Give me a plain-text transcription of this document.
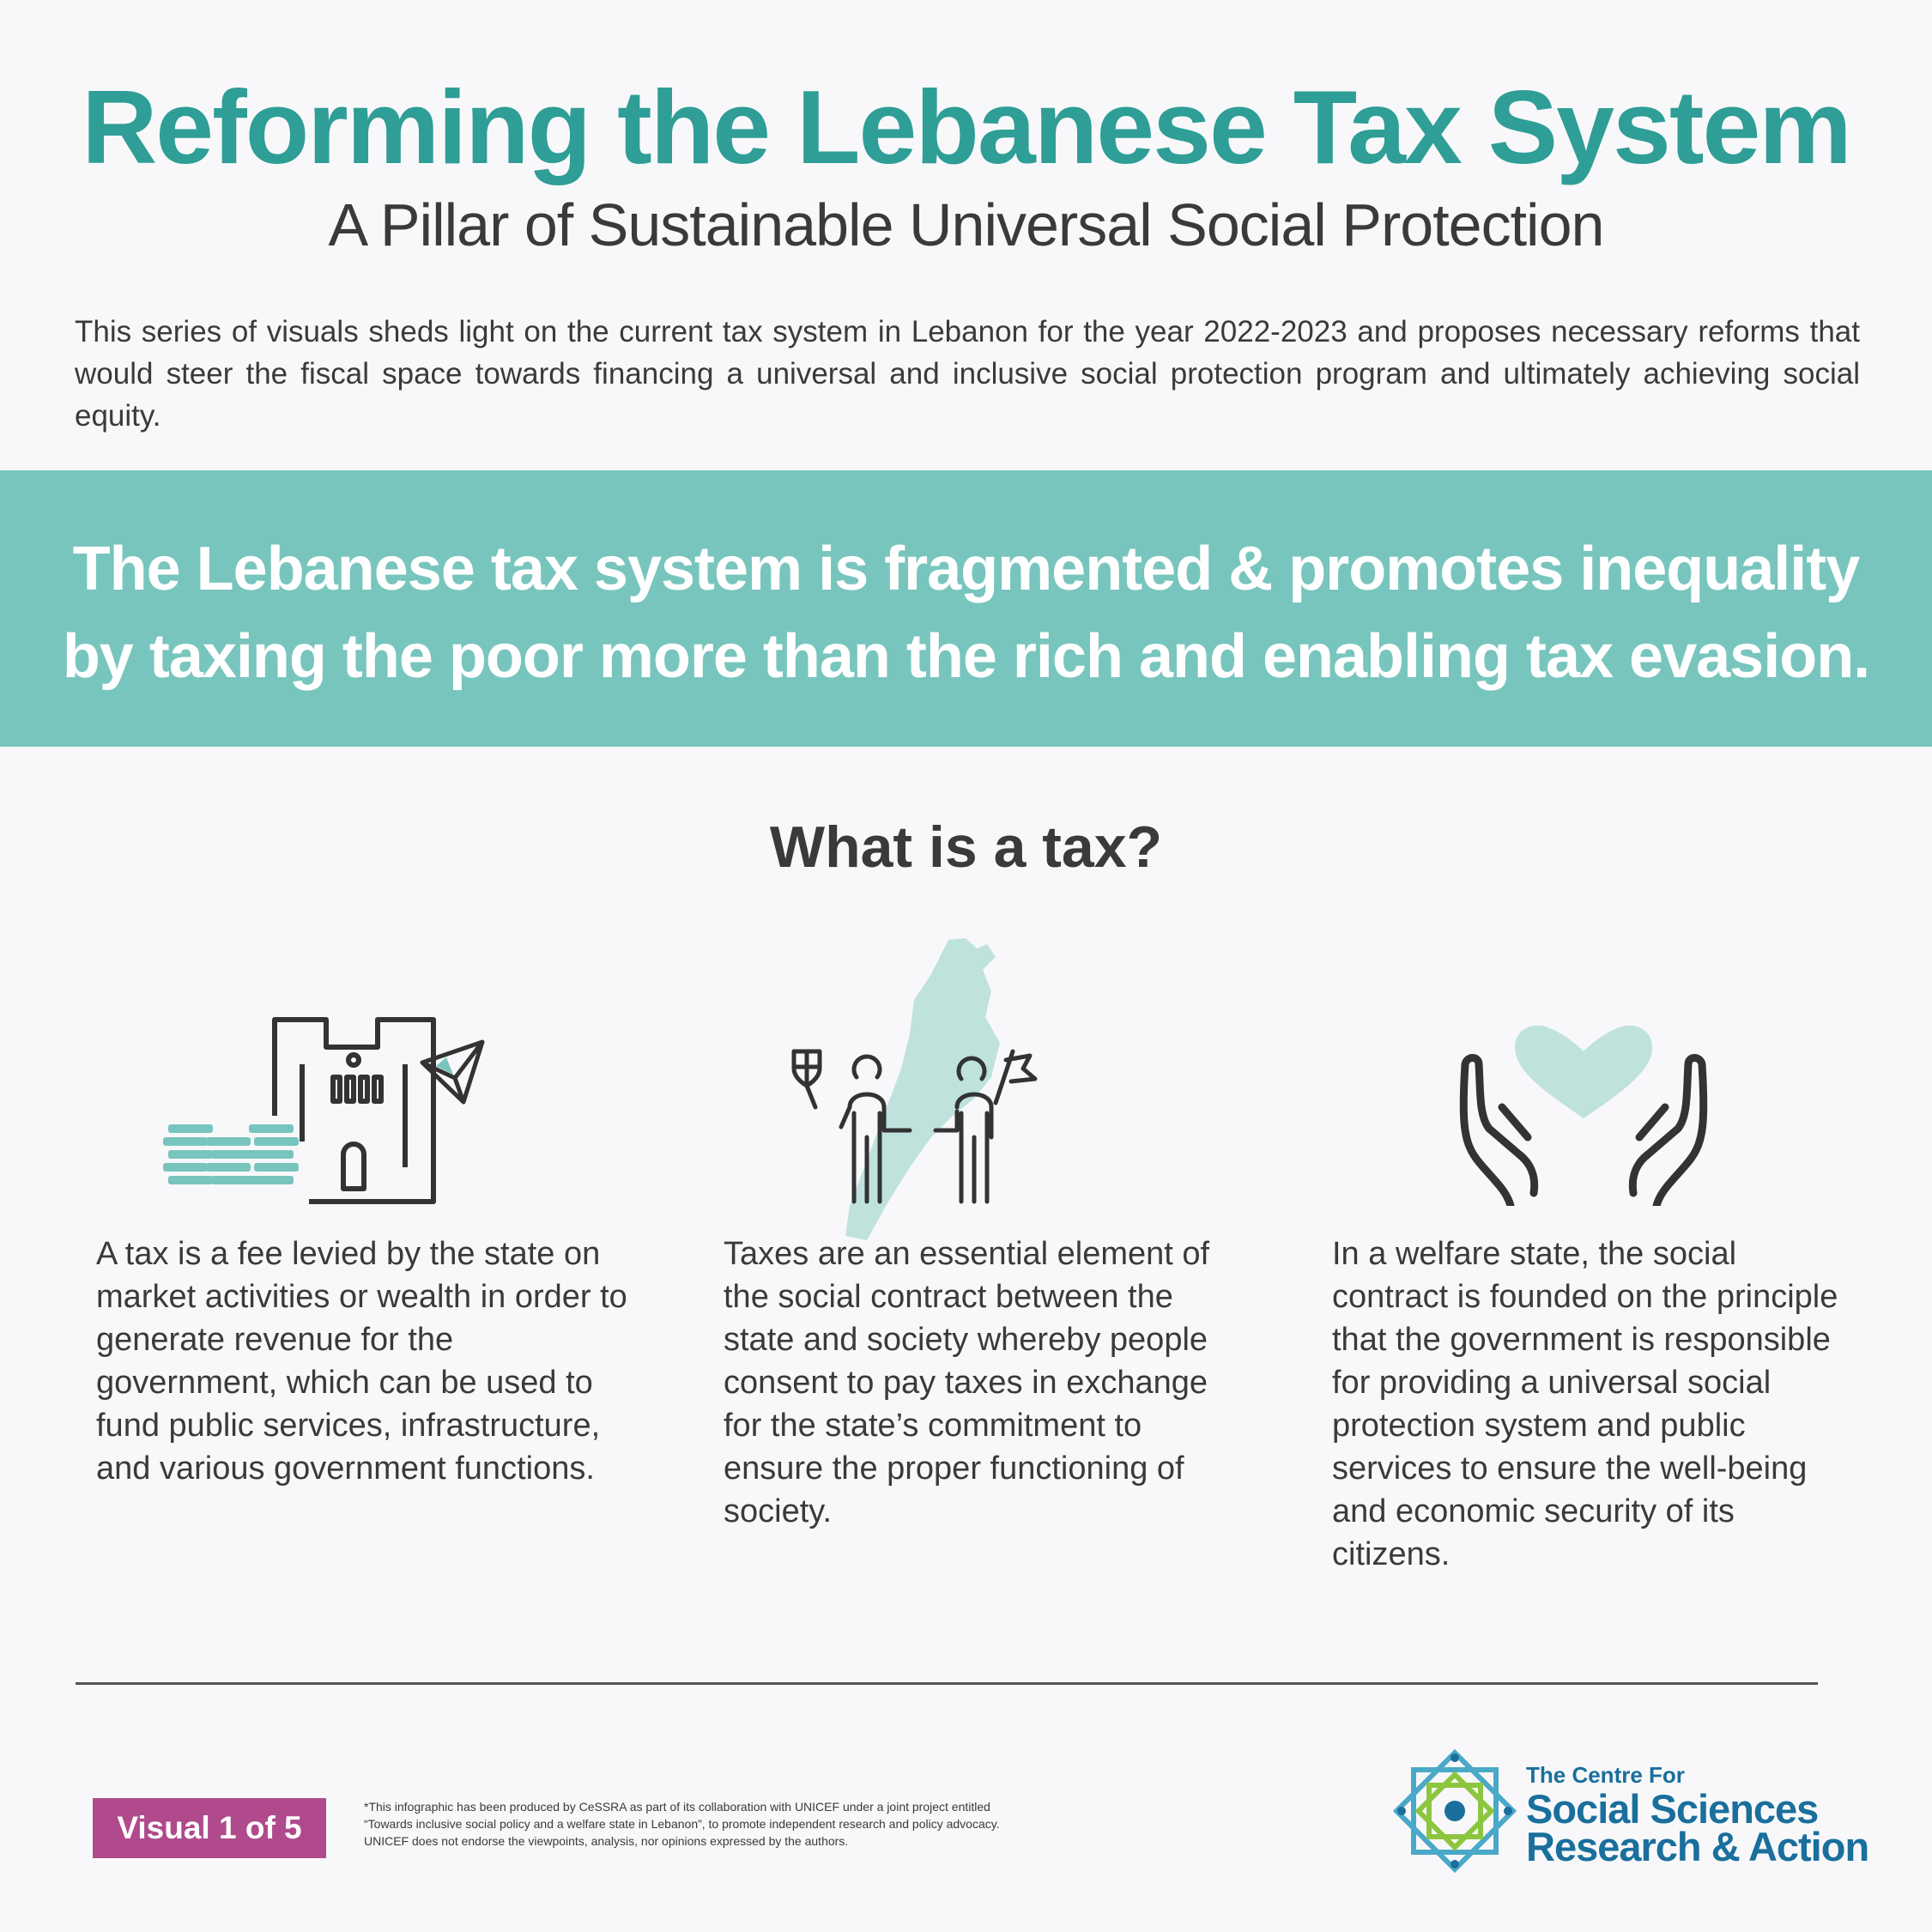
Reforming the Lebanese Tax System
A Pillar of Sustainable Universal Social Protection

This series of visuals sheds light on the current tax system in Lebanon for the year 2022-2023 and proposes necessary reforms that would steer the fiscal space towards financing a universal and inclusive social protection program and ultimately achieving social equity.

The Lebanese tax system is fragmented & promotes inequality
by taxing the poor more than the rich and enabling tax evasion.
What is a tax?

A tax is a fee levied by the state on market activities or wealth in order to generate revenue for the government, which can be used to fund public services, infrastructure, and various government functions.

Taxes are an essential element of the social contract between the state and society whereby people consent to pay taxes in exchange for the state’s commitment to ensure the proper functioning of society.

In a welfare state, the social contract is founded on the principle that the government is responsible for providing a universal social protection system and public services to ensure the well-being and economic security of its citizens.

Visual 1 of 5

*This infographic has been produced by CeSSRA as part of its collaboration with UNICEF under a joint project entitled “Towards inclusive social policy and a welfare state in Lebanon”, to promote independent research and policy advocacy. UNICEF does not endorse the viewpoints, analysis, nor opinions expressed by the authors.

The Centre For
Social Sciences
Research & Action
